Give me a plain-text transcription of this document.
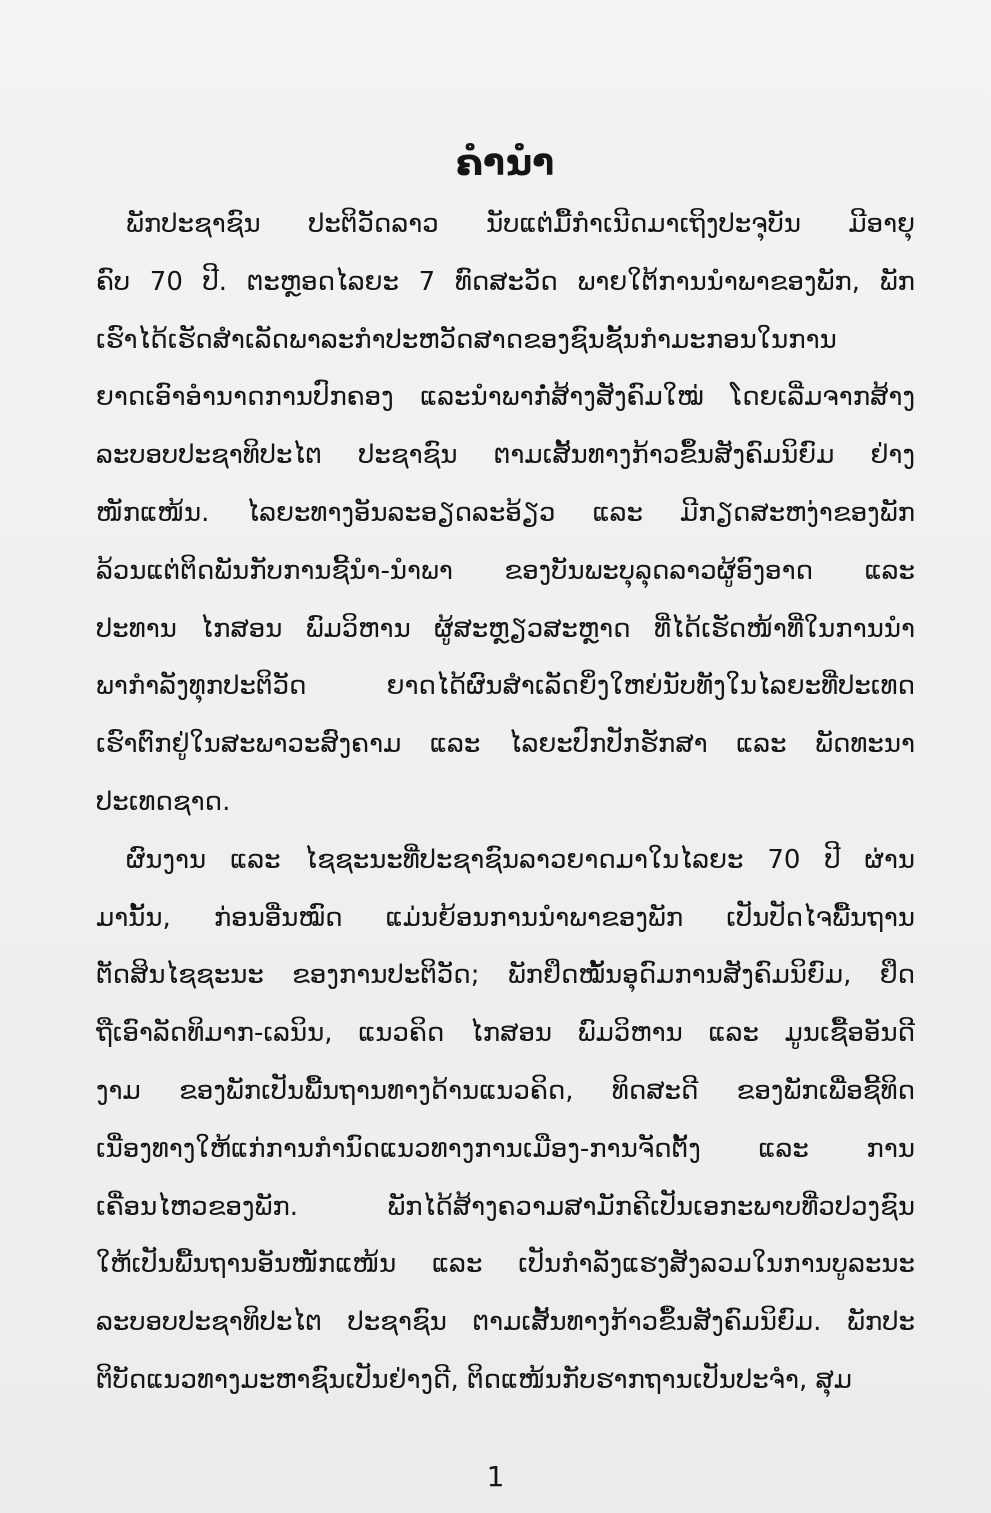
ຄຳນຳ
ພັກປະຊາຊົນ ປະຕິວັດລາວ ນັບແຕ່ມື້ກຳເນີດມາເຖິງປະຈຸບັນ ມີອາຍຸ
ຄົບ 70 ປີ. ຕະຫຼອດໄລຍະ 7 ທົດສະວັດ ພາຍໃຕ້ການນຳພາຂອງພັກ, ພັກ
ເຮົາໄດ້ເຮັດສຳເລັດພາລະກຳປະຫວັດສາດຂອງຊົນຊັ້ນກຳມະກອນໃນການ
ຍາດເອົາອຳນາດການປົກຄອງ ແລະນຳພາກໍ່ສ້າງສັງຄົມໃໝ່ ໂດຍເລີ່ມຈາກສ້າງ
ລະບອບປະຊາທິປະໄຕ ປະຊາຊົນ ຕາມເສັ້ນທາງກ້າວຂຶ້ນສັງຄົມນິຍົມ ຢ່າງ
ໜັກແໜ້ນ. ໄລຍະທາງອັນລະອຽດລະອ້ຽວ ແລະ ມີກຽດສະຫງ່າຂອງພັກ
ລ້ວນແຕ່ຕິດພັນກັບການຊີ້ນຳ-ນຳພາ ຂອງບັນພະບຸລຸດລາວຜູ້ອົງອາດ ແລະ
ປະທານ ໄກສອນ ພົມວິຫານ ຜູ້ສະຫຼຽວສະຫຼາດ ທີ່ໄດ້ເຮັດໜ້າທີ່ໃນການນຳ
ພາກຳລັງທຸກປະຕິວັດ ຍາດໄດ້ຜົນສຳເລັດຍິ່ງໃຫຍ່ນັບທັງໃນໄລຍະທີ່ປະເທດ
ເຮົາຕົກຢູ່ໃນສະພາວະສົງຄາມ ແລະ ໄລຍະປົກປັກຮັກສາ ແລະ ພັດທະນາ
ປະເທດຊາດ.
ຜົນງານ ແລະ ໄຊຊະນະທີ່ປະຊາຊົນລາວຍາດມາໃນໄລຍະ 70 ປີ ຜ່ານ
ມານັ້ນ, ກ່ອນອື່ນໝົດ ແມ່ນຍ້ອນການນຳພາຂອງພັກ ເປັນປັດໄຈພື້ນຖານ
ຕັດສິນໄຊຊະນະ ຂອງການປະຕິວັດ; ພັກຢຶດໝັ້ນອຸດົມການສັງຄົມນິຍົມ, ຢຶດ
ຖືເອົາລັດທິມາກ-ເລນິນ, ແນວຄິດ ໄກສອນ ພົມວິຫານ ແລະ ມູນເຊື້ອອັນດີ
ງາມ ຂອງພັກເປັນພື້ນຖານທາງດ້ານແນວຄິດ, ທິດສະດີ ຂອງພັກເພື່ອຊີ້ທິດ
ເນື່ອງທາງໃຫ້ແກ່ການກຳນົດແນວທາງການເມືອງ-ການຈັດຕັ້ງ ແລະ ການ
ເຄື່ອນໄຫວຂອງພັກ. ພັກໄດ້ສ້າງຄວາມສາມັກຄີເປັນເອກະພາບທີ່ວປວງຊົນ
ໃຫ້ເປັນພື້ນຖານອັນໜັກແໜ້ນ ແລະ ເປັນກຳລັງແຮງສັງລວມໃນການບູລະນະ
ລະບອບປະຊາທິປະໄຕ ປະຊາຊົນ ຕາມເສັ້ນທາງກ້າວຂຶ້ນສັງຄົມນິຍົມ. ພັກປະ
ຕິບັດແນວທາງມະຫາຊົນເປັນຢ່າງດີ, ຕິດແໜ້ນກັບຮາກຖານເປັນປະຈຳ, ສຸມ
1
